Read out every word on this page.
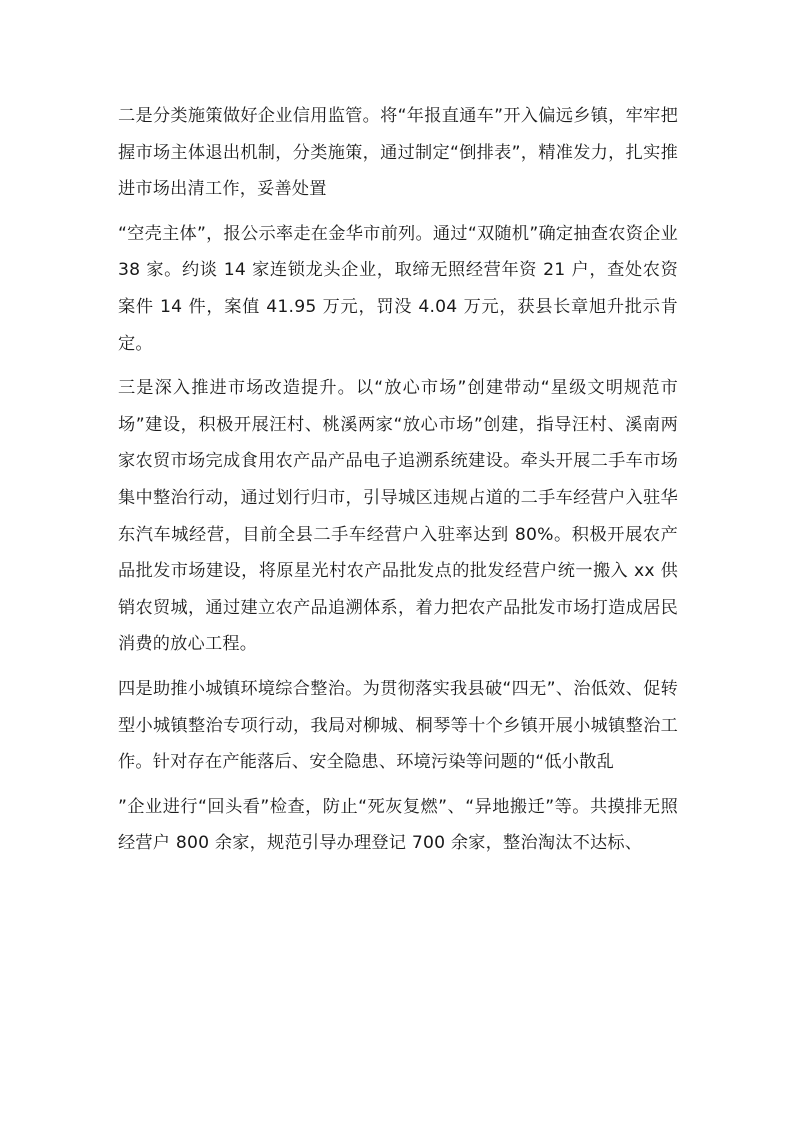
二是分类施策做好企业信用监管。将“年报直通车”开入偏远乡镇，牢牢把握市场主体退出机制，分类施策，通过制定“倒排表”，精准发力，扎实推进市场出清工作，妥善处置

“空壳主体”，报公示率走在金华市前列。通过“双随机”确定抽查农资企业 38 家。约谈 14 家连锁龙头企业，取缔无照经营年资 21 户，查处农资案件 14 件，案值 41.95 万元，罚没 4.04 万元，获县长章旭升批示肯定。

三是深入推进市场改造提升。以“放心市场”创建带动“星级文明规范市场”建设，积极开展汪村、桃溪两家“放心市场”创建，指导汪村、溪南两家农贸市场完成食用农产品产品电子追溯系统建设。牵头开展二手车市场集中整治行动，通过划行归市，引导城区违规占道的二手车经营户入驻华东汽车城经营，目前全县二手车经营户入驻率达到 80%。积极开展农产品批发市场建设，将原星光村农产品批发点的批发经营户统一搬入 xx 供销农贸城，通过建立农产品追溯体系，着力把农产品批发市场打造成居民消费的放心工程。

四是助推小城镇环境综合整治。为贯彻落实我县破“四无”、治低效、促转型小城镇整治专项行动，我局对柳城、桐琴等十个乡镇开展小城镇整治工作。针对存在产能落后、安全隐患、环境污染等问题的“低小散乱

”企业进行“回头看”检查，防止“死灰复燃”、“异地搬迁”等。共摸排无照经营户 800 余家，规范引导办理登记 700 余家，整治淘汰不达标、
